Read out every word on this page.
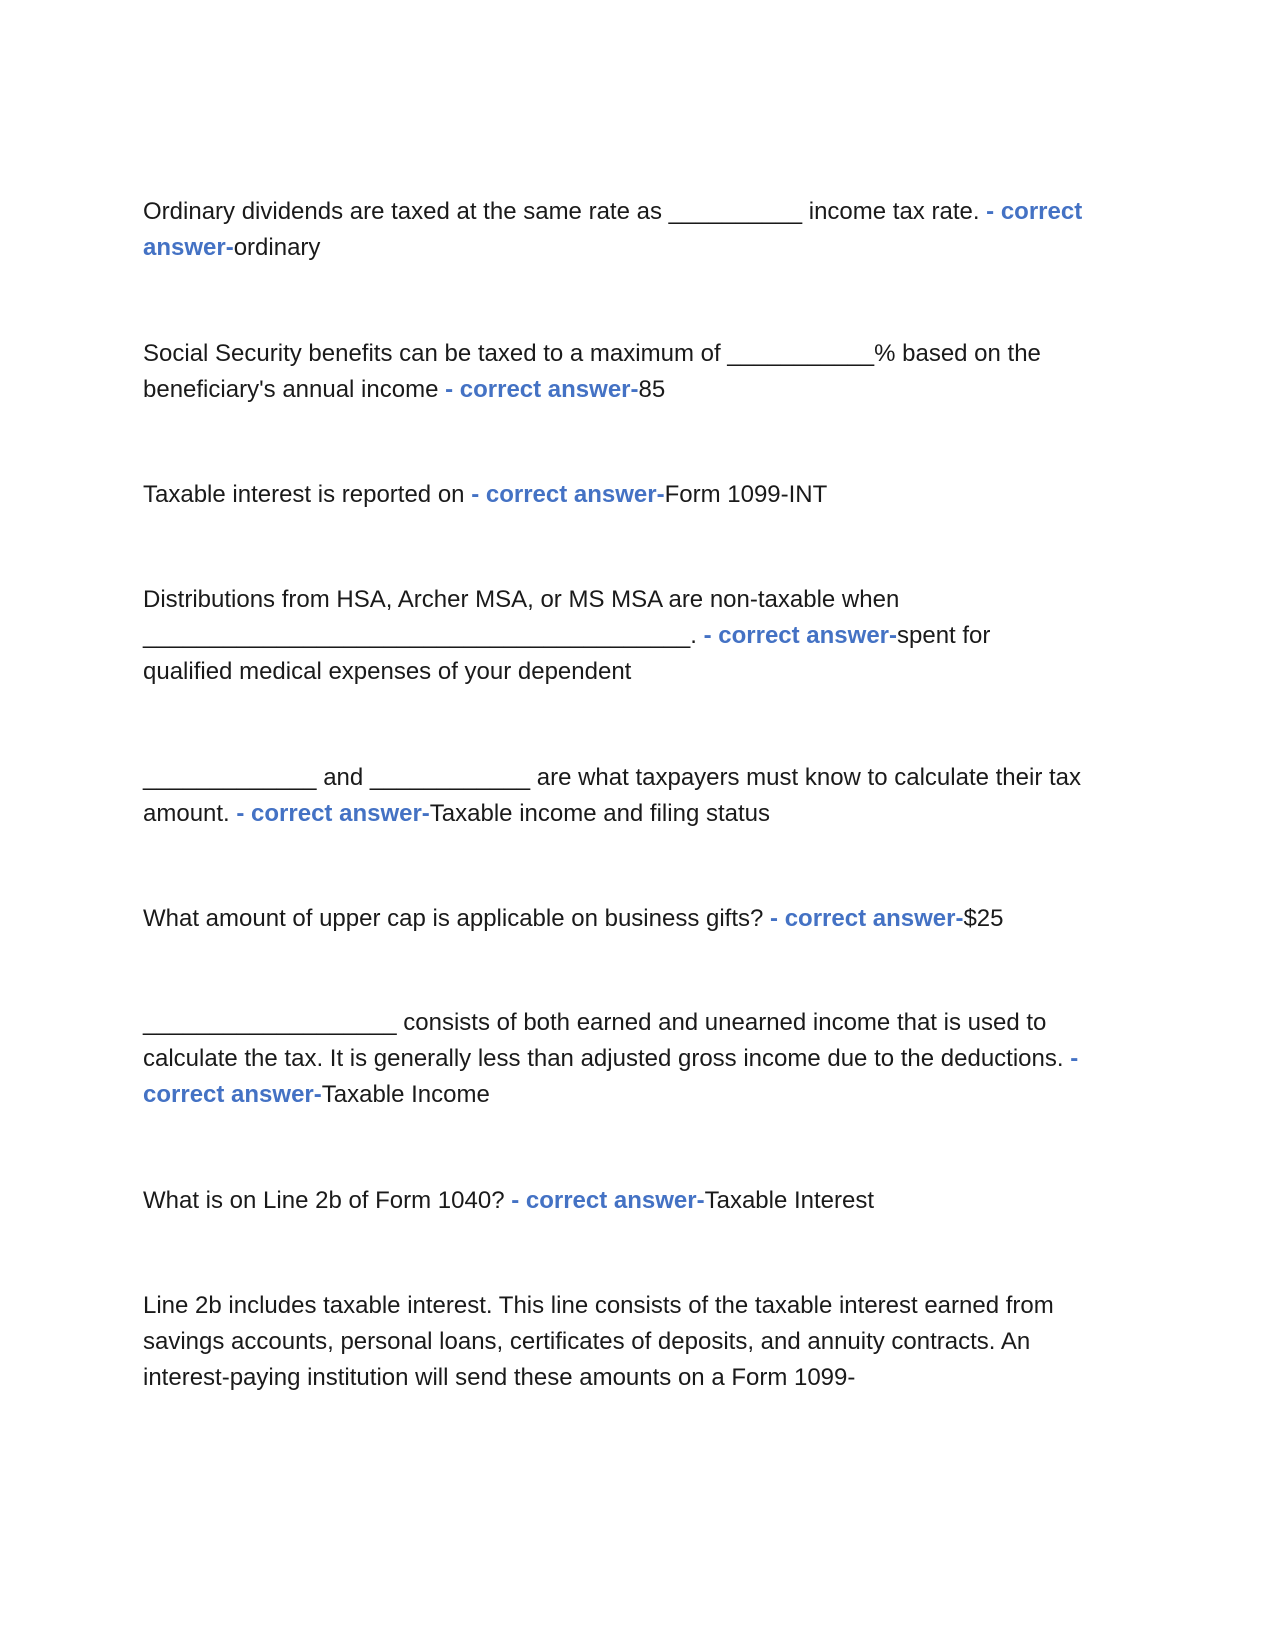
Ordinary dividends are taxed at the same rate as __________ income tax rate. - correct answer-ordinary

Social Security benefits can be taxed to a maximum of ___________% based on the beneficiary's annual income - correct answer-85

Taxable interest is reported on - correct answer-Form 1099-INT

Distributions from HSA, Archer MSA, or MS MSA are non-taxable when _________________________________________. - correct answer-spent for qualified medical expenses of your dependent

_____________ and ____________ are what taxpayers must know to calculate their tax amount. - correct answer-Taxable income and filing status

What amount of upper cap is applicable on business gifts? - correct answer-$25

___________________ consists of both earned and unearned income that is used to calculate the tax. It is generally less than adjusted gross income due to the deductions. - correct answer-Taxable Income

What is on Line 2b of Form 1040? - correct answer-Taxable Interest

Line 2b includes taxable interest. This line consists of the taxable interest earned from savings accounts, personal loans, certificates of deposits, and annuity contracts. An interest-paying institution will send these amounts on a Form 1099-
